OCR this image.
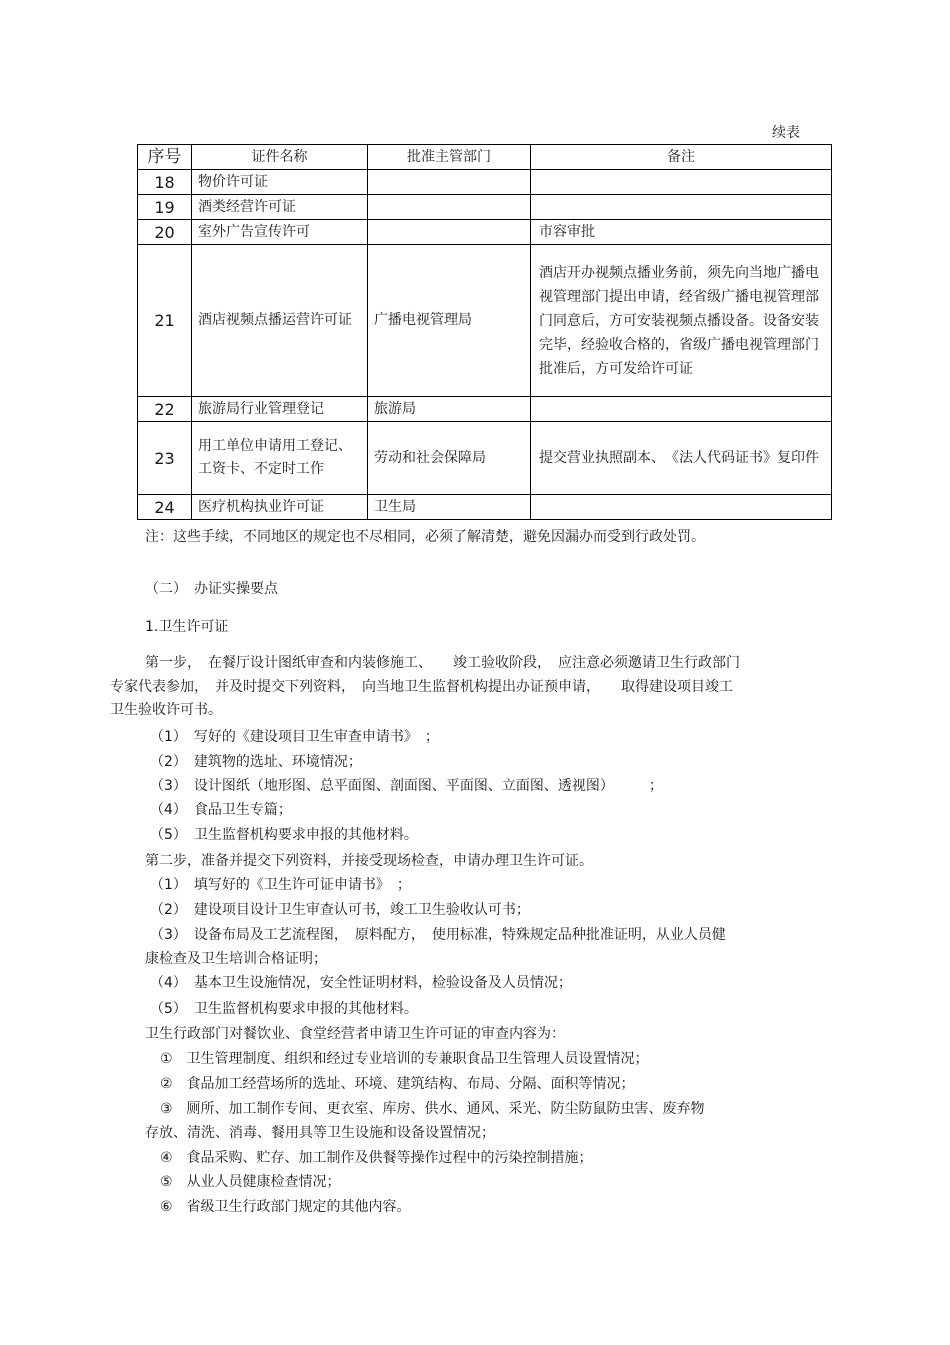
续表
序号	证件名称	批准主管部门	备注
18	物价许可证		
19	酒类经营许可证		
20	室外广告宣传许可		市容审批
21	酒店视频点播运营许可证	广播电视管理局	酒店开办视频点播业务前，须先向当地广播电视管理部门提出申请，经省级广播电视管理部门同意后，方可安装视频点播设备。设备安装完毕，经验收合格的，省级广播电视管理部门批准后，方可发给许可证
22	旅游局行业管理登记	旅游局	
23	用工单位申请用工登记、工资卡、不定时工作	劳动和社会保障局	提交营业执照副本、　《法人代码证书》复印件
24	医疗机构执业许可证	卫生局	
注：这些手续，不同地区的规定也不尽相同，必须了解清楚，避免因漏办而受到行政处罚。
（二）　办证实操要点
1.卫生许可证
第一步，　在餐厅设计图纸审查和内装修施工、　　竣工验收阶段，　应注意必须邀请卫生行政部门
专家代表参加，　并及时提交下列资料，　向当地卫生监督机构提出办证预申请，　　取得建设项目竣工
卫生验收许可书。
（1）　写好的《建设项目卫生审查申请书》　；
（2）　建筑物的选址、环境情况；
（3）　设计图纸（地形图、总平面图、剖面图、平面图、立面图、透视图）　　　；
（4）　食品卫生专篇；
（5）　卫生监督机构要求申报的其他材料。
第二步，准备并提交下列资料，并接受现场检查，申请办理卫生许可证。
（1）　填写好的《卫生许可证申请书》　；
（2）　建设项目设计卫生审查认可书，竣工卫生验收认可书；
（3）　设备布局及工艺流程图，　原料配方，　使用标准，特殊规定品种批准证明，从业人员健
康检查及卫生培训合格证明；
（4）　基本卫生设施情况，安全性证明材料，检验设备及人员情况；
（5）　卫生监督机构要求申报的其他材料。
卫生行政部门对餐饮业、食堂经营者申请卫生许可证的审查内容为：
①　卫生管理制度、组织和经过专业培训的专兼职食品卫生管理人员设置情况；
②　食品加工经营场所的选址、环境、建筑结构、布局、分隔、面积等情况；
③　厕所、加工制作专间、更衣室、库房、供水、通风、采光、防尘防鼠防虫害、废弃物
存放、清洗、消毒、餐用具等卫生设施和设备设置情况；
④　食品采购、贮存、加工制作及供餐等操作过程中的污染控制措施；
⑤　从业人员健康检查情况；
⑥　省级卫生行政部门规定的其他内容。
